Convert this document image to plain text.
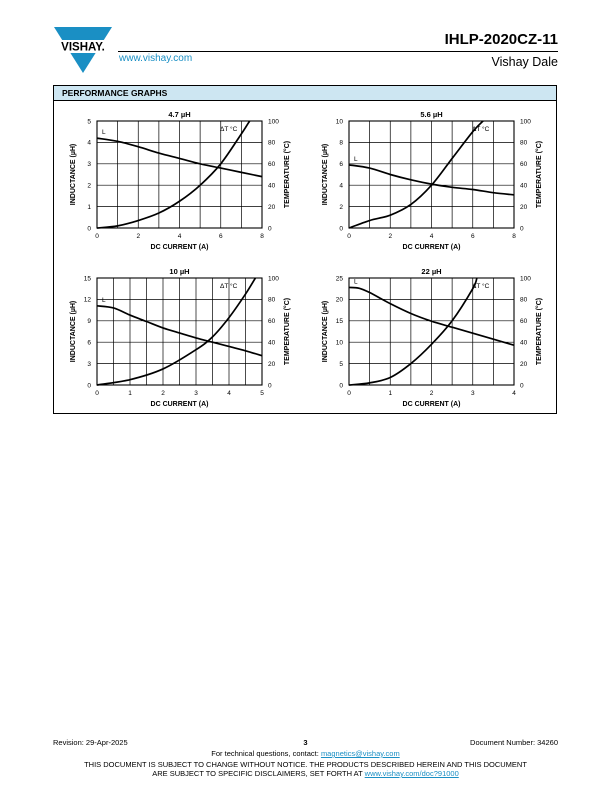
VISHAY.
www.vishay.com
IHLP-2020CZ-11
Vishay Dale
PERFORMANCE GRAPHS
4.7 µH
0	2	4	6	8
0
1
2
3
4
5
0
20
40
60
80
100
DC CURRENT (A)
INDUCTANCE (µH)	TEMPERATURE (°C)
L	ΔT °C
5.6 µH
0	2	4	6	8
0
2
4
6
8
10
0
20
40
60
80
100
DC CURRENT (A)
INDUCTANCE (µH)	TEMPERATURE (°C)
L
ΔT °C
10 µH
0	1	2	3	4	5
0
3
6
9
12
15
0
20
40
60
80
100
DC CURRENT (A)
INDUCTANCE (µH)	TEMPERATURE (°C)
L
ΔT °C
22 µH
0	1	2	3	4
0
5
10
15
20
25
0
20
40
60
80
100
DC CURRENT (A)
INDUCTANCE (µH)	TEMPERATURE (°C)
L
ΔT °C
Revision: 29-Apr-2025	3	Document Number: 34260
For technical questions, contact: magnetics@vishay.com
THIS DOCUMENT IS SUBJECT TO CHANGE WITHOUT NOTICE. THE PRODUCTS DESCRIBED HEREIN AND THIS DOCUMENT
ARE SUBJECT TO SPECIFIC DISCLAIMERS, SET FORTH AT www.vishay.com/doc?91000
